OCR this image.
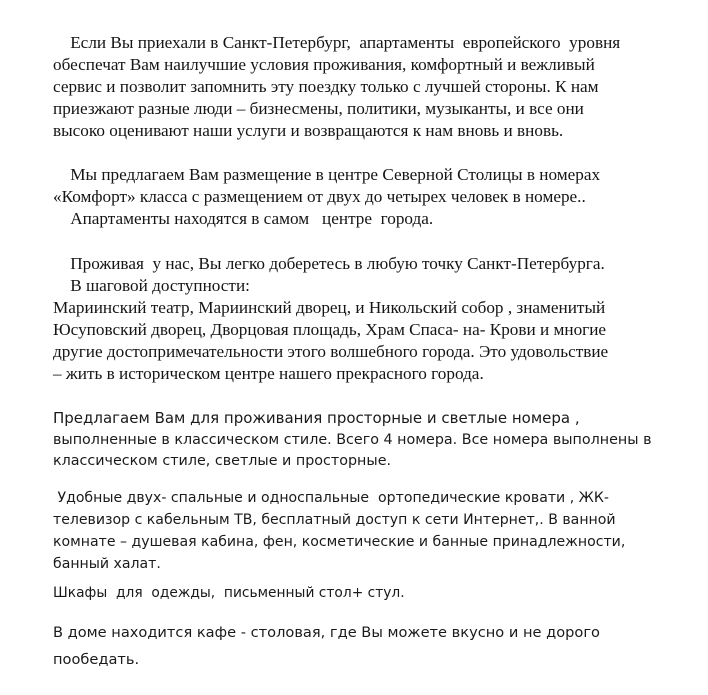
Если Вы приехали в Санкт-Петербург,  апартаменты  европейского  уровня
обеспечат Вам наилучшие условия проживания, комфортный и вежливый
сервис и позволит запомнить эту поездку только с лучшей стороны. К нам
приезжают разные люди – бизнесмены, политики, музыканты, и все они
высоко оценивают наши услуги и возвращаются к нам вновь и вновь.
Мы предлагаем Вам размещение в центре Северной Столицы в номерах
«Комфорт» класса с размещением от двух до четырех человек в номере..
Апартаменты находятся в самом   центре  города.
Проживая  у нас, Вы легко доберетесь в любую точку Санкт-Петербурга.
В шаговой доступности:
Мариинский театр, Мариинский дворец, и Никольский собор , знаменитый
Юсуповский дворец, Дворцовая площадь, Храм Спаса- на- Крови и многие
другие достопримечательности этого волшебного города. Это удовольствие
– жить в историческом центре нашего прекрасного города.
Предлагаем Вам для проживания просторные и светлые номера ,
выполненные в классическом стиле. Всего 4 номера. Все номера выполнены в
классическом стиле, светлые и просторные.
Удобные двух- спальные и односпальные  ортопедические кровати , ЖК-
телевизор с кабельным ТВ, бесплатный доступ к сети Интернет,. В ванной
комнате – душевая кабина, фен, косметические и банные принадлежности,
банный халат.
Шкафы  для  одежды,  письменный стол+ стул.
В доме находится кафе - столовая, где Вы можете вкусно и не дорого
пообедать.
